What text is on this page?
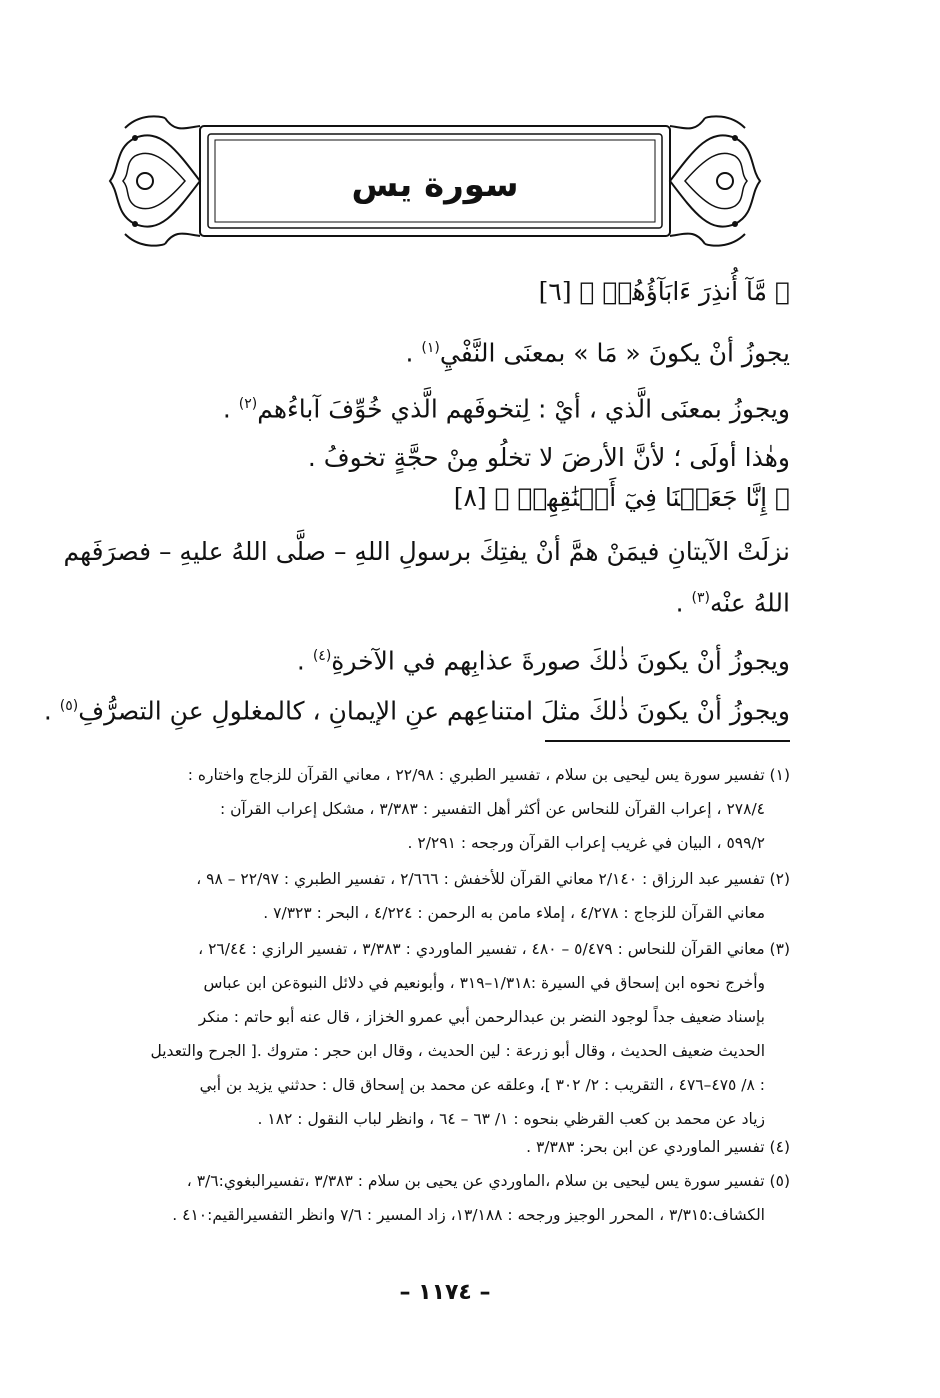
سورة يس
﴿ مَّآ أُنذِرَ ءَابَآؤُهُمۡ ﴾ [٦]
يجوزُ أنْ يكونَ « مَا » بمعنَى النَّفْيِ$^{(١)}$ .
ويجوزُ بمعنَى الَّذي ، أيْ : لِتخوفَهم الَّذي خُوِّفَ آباءُهم$^{(٢)}$ .
وهٰذا أولَى ؛ لأنَّ الأرضَ لا تخلُو مِنْ حجَّةٍ تخوفُ .
﴿ إِنَّا جَعَلۡنَا فِيٓ أَعۡنَٰقِهِمۡ ﴾ [٨]
نزلَتْ الآيتانِ فيمَنْ همَّ أنْ يفتِكَ برسولِ اللهِ – صلَّى اللهُ عليهِ – فصرَفَهم
اللهُ عنْه$^{(٣)}$ .
ويجوزُ أنْ يكونَ ذٰلكَ صورةَ عذابِهم في الآخرةِ$^{(٤)}$ .
ويجوزُ أنْ يكونَ ذٰلكَ مثلَ امتناعِهم عنِ الإيمانِ ، كالمغلولِ عنِ التصرُّفِ$^{(٥)}$ .
(١) تفسير سورة يس ليحيى بن سلام ، تفسير الطبري : ٢٢/٩٨ ، معاني القرآن للزجاج واختاره :
٢٧٨/٤ ، إعراب القرآن للنحاس عن أكثر أهل التفسير : ٣/٣٨٣ ، مشكل إعراب القرآن :
٥٩٩/٢ ، البيان في غريب إعراب القرآن ورجحه : ٢/٢٩١ .
(٢) تفسير عبد الرزاق : ٢/١٤٠ معاني القرآن للأخفش : ٢/٦٦٦ ، تفسير الطبري : ٢٢/٩٧ – ٩٨ ،
معاني القرآن للزجاج : ٤/٢٧٨ ، إملاء مامن به الرحمن : ٤/٢٢٤ ، البحر : ٧/٣٢٣ .
(٣) معاني القرآن للنحاس : ٥/٤٧٩ – ٤٨٠ ، تفسير الماوردي : ٣/٣٨٣ ، تفسير الرازي : ٢٦/٤٤ ،
وأخرج نحوه ابن إسحاق في السيرة :١/٣١٨–٣١٩ ، وأبونعيم في دلائل النبوةعن ابن عباس
بإسناد ضعيف جداً لوجود النضر بن عبدالرحمن أبي عمرو الخزاز ، قال عنه أبو حاتم : منكر
الحديث ضعيف الحديث ، وقال أبو زرعة : لين الحديث ، وقال ابن حجر : متروك .[ الجرح والتعديل
: ٨/ ٤٧٥–٤٧٦ ، التقريب : ٢/ ٣٠٢ ]، وعلقه عن محمد بن إسحاق قال : حدثني يزيد بن أبي
زياد عن محمد بن كعب القرظي بنحوه : ١/ ٦٣ – ٦٤ ، وانظر لباب النقول : ١٨٢ .
(٤) تفسير الماوردي عن ابن بحر: ٣/٣٨٣ .
(٥) تفسير سورة يس ليحيى بن سلام ،الماوردي عن يحيى بن سلام : ٣/٣٨٣ ،تفسيرالبغوي:٣/٦ ،
الكشاف:٣/٣١٥ ، المحرر الوجيز ورجحه : ١٣/١٨٨، زاد المسير : ٧/٦ وانظر التفسيرالقيم:٤١٠ .
– ١١٧٤ –
